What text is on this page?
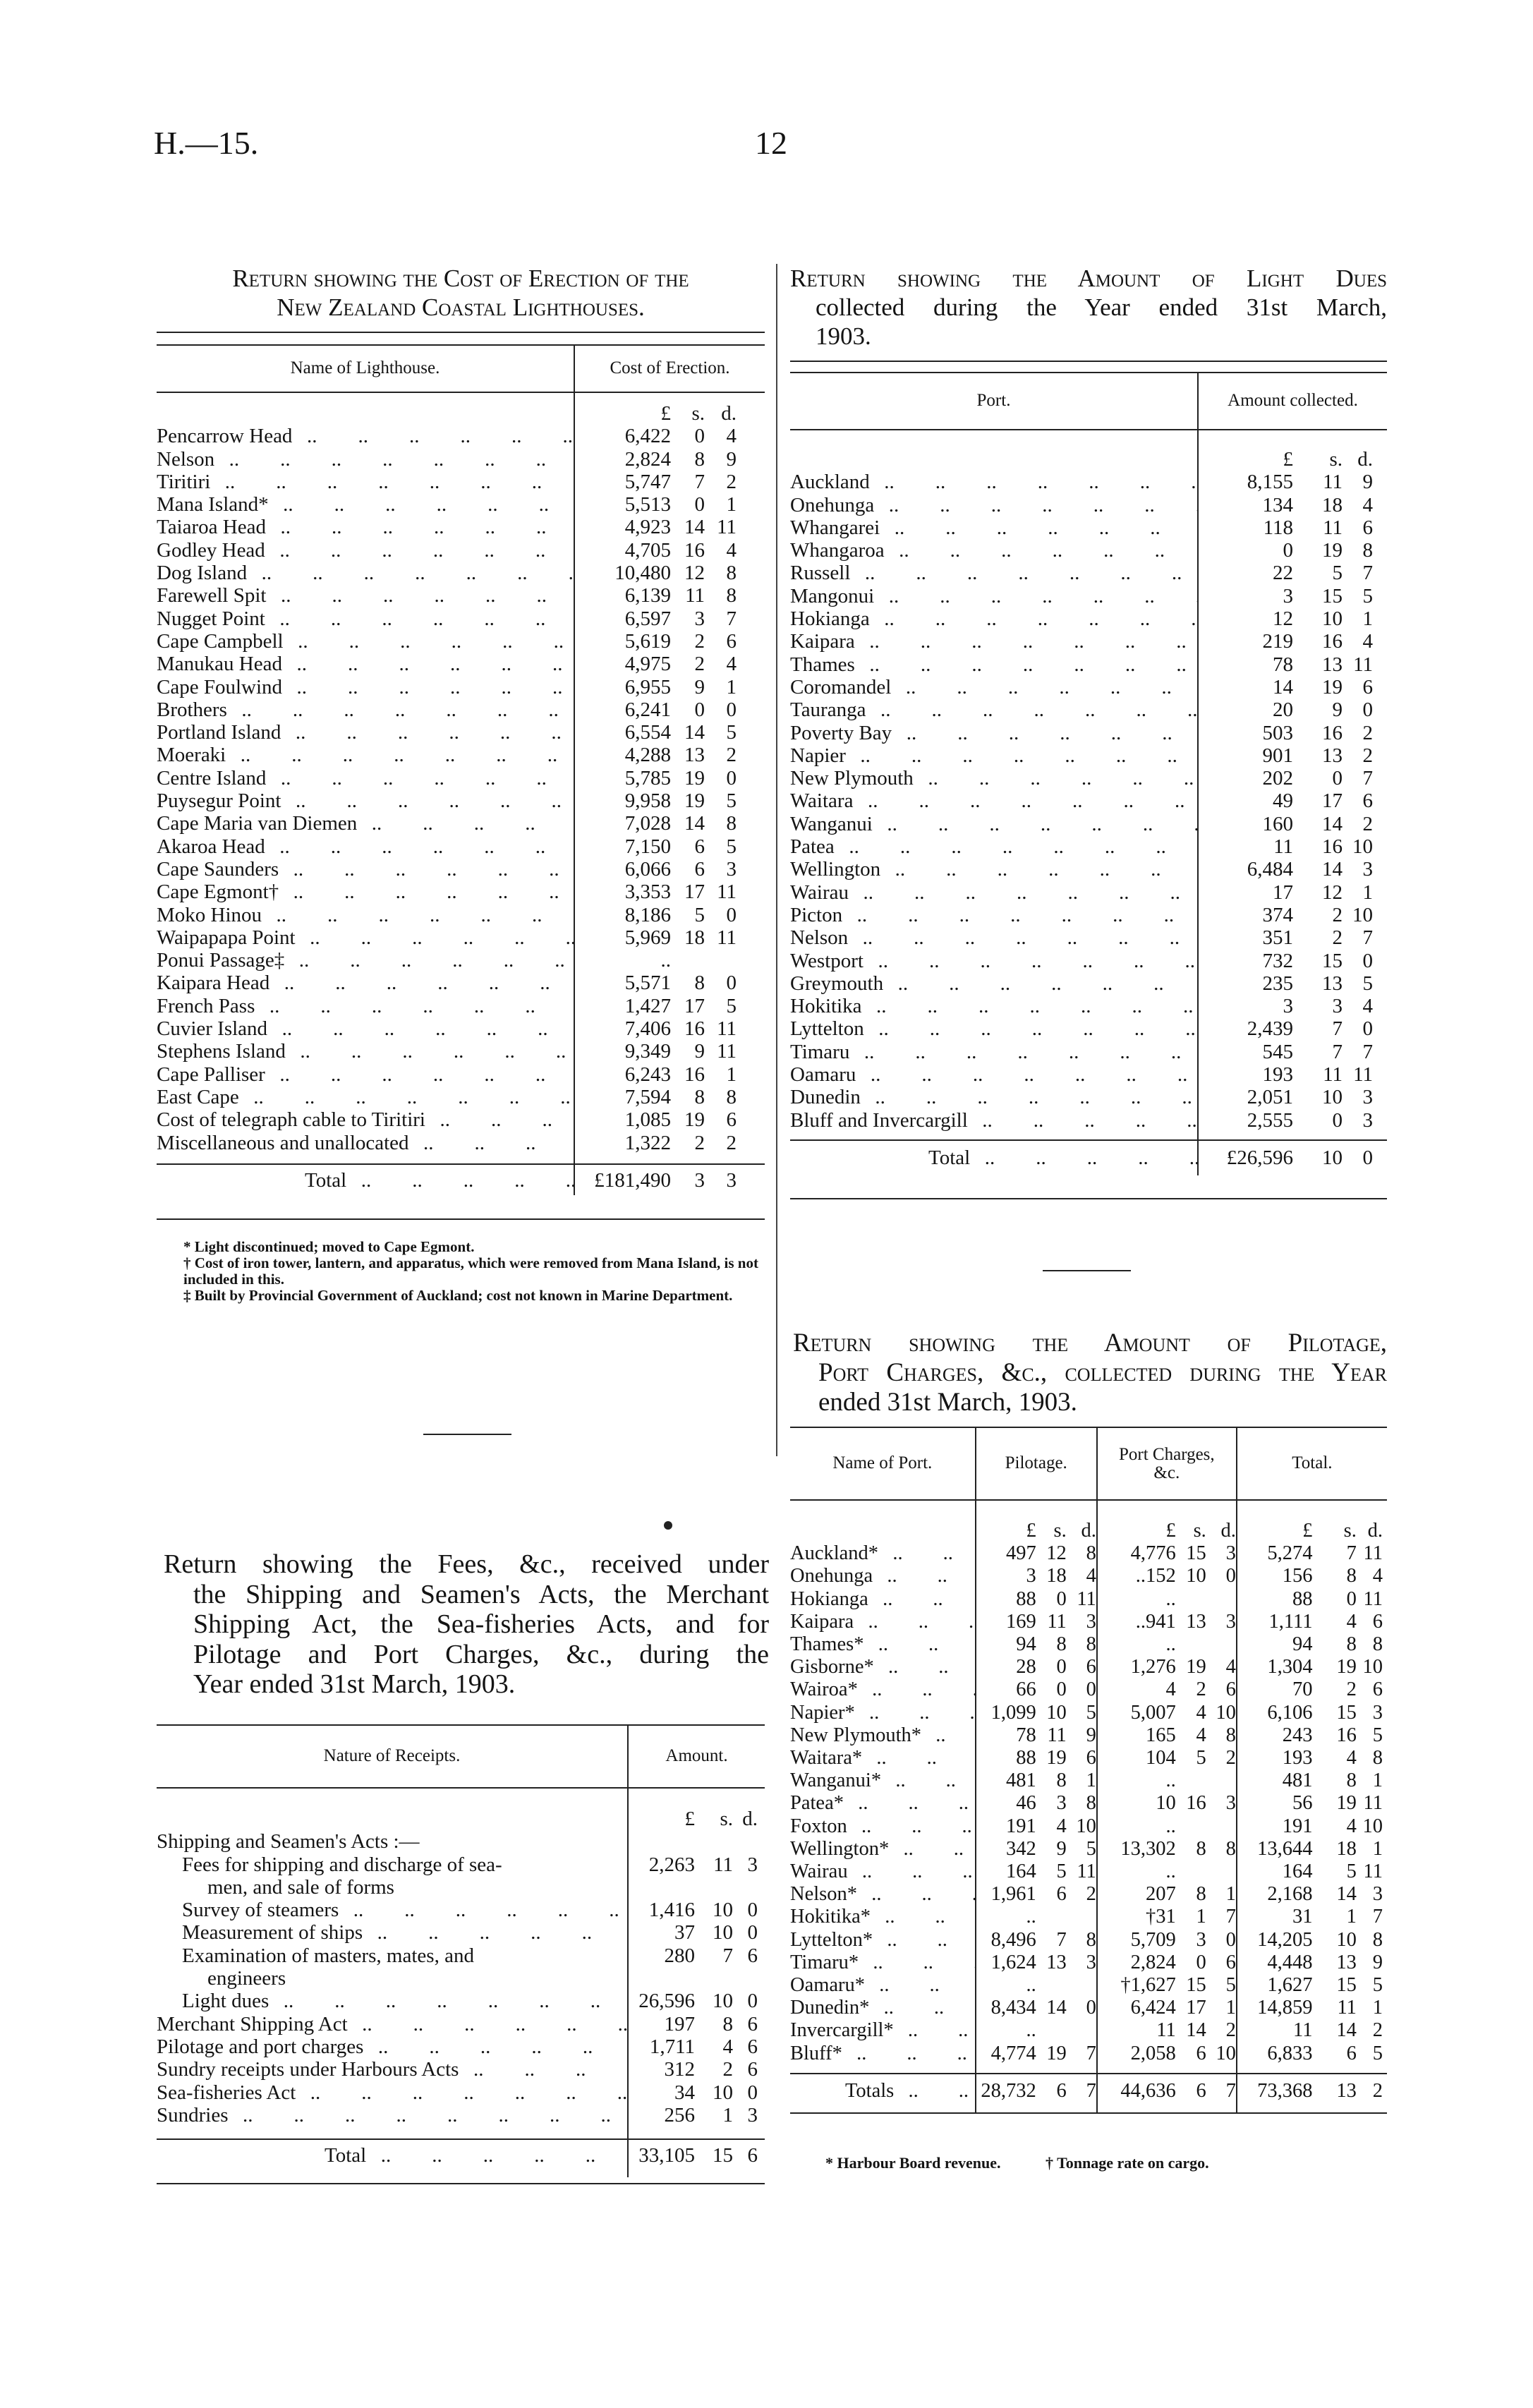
H.—15.	12
Return showing the Cost of Erection of the
New Zealand Coastal Lighthouses.
Name of Lighthouse.	Cost of Erection.			

	£	s.	d.	
Pencarrow Head ..	6,422	0	4	
Nelson ..	2,824	8	9	
Tiritiri ..	5,747	7	2	
Mana Island* ..	5,513	0	1	
Taiaroa Head ..	4,923	14	11	
Godley Head ..	4,705	16	4	
Dog Island ..	10,480	12	8	
Farewell Spit ..	6,139	11	8	
Nugget Point ..	6,597	3	7	
Cape Campbell ..	5,619	2	6	
Manukau Head ..	4,975	2	4	
Cape Foulwind ..	6,955	9	1	
Brothers ..	6,241	0	0	
Portland Island ..	6,554	14	5	
Moeraki ..	4,288	13	2	
Centre Island ..	5,785	19	0	
Puysegur Point ..	9,958	19	5	
Cape Maria van Diemen ..	7,028	14	8	
Akaroa Head ..	7,150	6	5	
Cape Saunders ..	6,066	6	3	
Cape Egmont† ..	3,353	17	11	
Moko Hinou ..	8,186	5	0	
Waipapapa Point ..	5,969	18	11	
Ponui Passage‡ ..	..			
Kaipara Head ..	5,571	8	0	
French Pass ..	1,427	17	5	
Cuvier Island ..	7,406	16	11	
Stephens Island ..	9,349	9	11	
Cape Palliser ..	6,243	16	1	
East Cape ..	7,594	8	8	
Cost of telegraph cable to Tiritiri ..	1,085	19	6	
Miscellaneous and unallocated ..	1,322	2	2	

Total ..	£181,490	3	3	
* Light discontinued; moved to Cape Egmont.
† Cost of iron tower, lantern, and apparatus, which were removed from Mana Island, is not included in this.
‡ Built by Provincial Government of Auckland; cost not known in Marine Department.
Return showing the Fees, &c., received under
the Shipping and Seamen's Acts, the Merchant
Shipping Act, the Sea-fisheries Acts, and for
Pilotage and Port Charges, &c., during the
Year ended 31st March, 1903.
Nature of Receipts.	Amount.		

	£	s.	d.
Shipping and Seamen's Acts :—			
Fees for shipping and discharge of sea-	2,263	11	3
men, and sale of forms			
Survey of steamers ..	1,416	10	0
Measurement of ships ..	37	10	0
Examination of masters, mates, and	280	7	6
engineers			
Light dues ..	26,596	10	0
Merchant Shipping Act ..	197	8	6
Pilotage and port charges ..	1,711	4	6
Sundry receipts under Harbours Acts ..	312	2	6
Sea-fisheries Act ..	34	10	0
Sundries ..	256	1	3

Total ..	33,105	15	6
Return showing the Amount of Light Dues
collected during the Year ended 31st March,
1903.
Port.	Amount collected.		

	£	s.	d.
Auckland ..	8,155	11	9
Onehunga ..	134	18	4
Whangarei ..	118	11	6
Whangaroa ..	0	19	8
Russell ..	22	5	7
Mangonui ..	3	15	5
Hokianga ..	12	10	1
Kaipara ..	219	16	4
Thames ..	78	13	11
Coromandel ..	14	19	6
Tauranga ..	20	9	0
Poverty Bay ..	503	16	2
Napier ..	901	13	2
New Plymouth ..	202	0	7
Waitara ..	49	17	6
Wanganui ..	160	14	2
Patea ..	11	16	10
Wellington ..	6,484	14	3
Wairau ..	17	12	1
Picton ..	374	2	10
Nelson ..	351	2	7
Westport ..	732	15	0
Greymouth ..	235	13	5
Hokitika ..	3	3	4
Lyttelton ..	2,439	7	0
Timaru ..	545	7	7
Oamaru ..	193	11	11
Dunedin ..	2,051	10	3
Bluff and Invercargill ..	2,555	0	3

Total ..	£26,596	10	0
Return showing the Amount of Pilotage,
Port Charges, &c., collected during the Year
ended 31st March, 1903.
Name of Port.	Pilotage.			Port Charges, &c.			Total.		

	£	s.	d.	£	s.	d.	£	s.	d.
Auckland* ..	497	12	8	4,776	15	3	5,274	7	11
Onehunga ..	3	18	4	..152	10	0	156	8	4
Hokianga ..	88	0	11	..			88	0	11
Kaipara ..	169	11	3	..941	13	3	1,111	4	6
Thames* ..	94	8	8	..			94	8	8
Gisborne* ..	28	0	6	1,276	19	4	1,304	19	10
Wairoa* ..	66	0	0	4	2	6	70	2	6
Napier* ..	1,099	10	5	5,007	4	10	6,106	15	3
New Plymouth* ..	78	11	9	165	4	8	243	16	5
Waitara* ..	88	19	6	104	5	2	193	4	8
Wanganui* ..	481	8	1	..			481	8	1
Patea* ..	46	3	8	10	16	3	56	19	11
Foxton ..	191	4	10	..			191	4	10
Wellington* ..	342	9	5	13,302	8	8	13,644	18	1
Wairau ..	164	5	11	..			164	5	11
Nelson* ..	1,961	6	2	207	8	1	2,168	14	3
Hokitika* ..	..			†31	1	7	31	1	7
Lyttelton* ..	8,496	7	8	5,709	3	0	14,205	10	8
Timaru* ..	1,624	13	3	2,824	0	6	4,448	13	9
Oamaru* ..	..			†1,627	15	5	1,627	15	5
Dunedin* ..	8,434	14	0	6,424	17	1	14,859	11	1
Invercargill* ..	..			11	14	2	11	14	2
Bluff* ..	4,774	19	7	2,058	6	10	6,833	6	5

Totals ..	28,732	6	7	44,636	6	7	73,368	13	2
* Harbour Board revenue.	† Tonnage rate on cargo.
